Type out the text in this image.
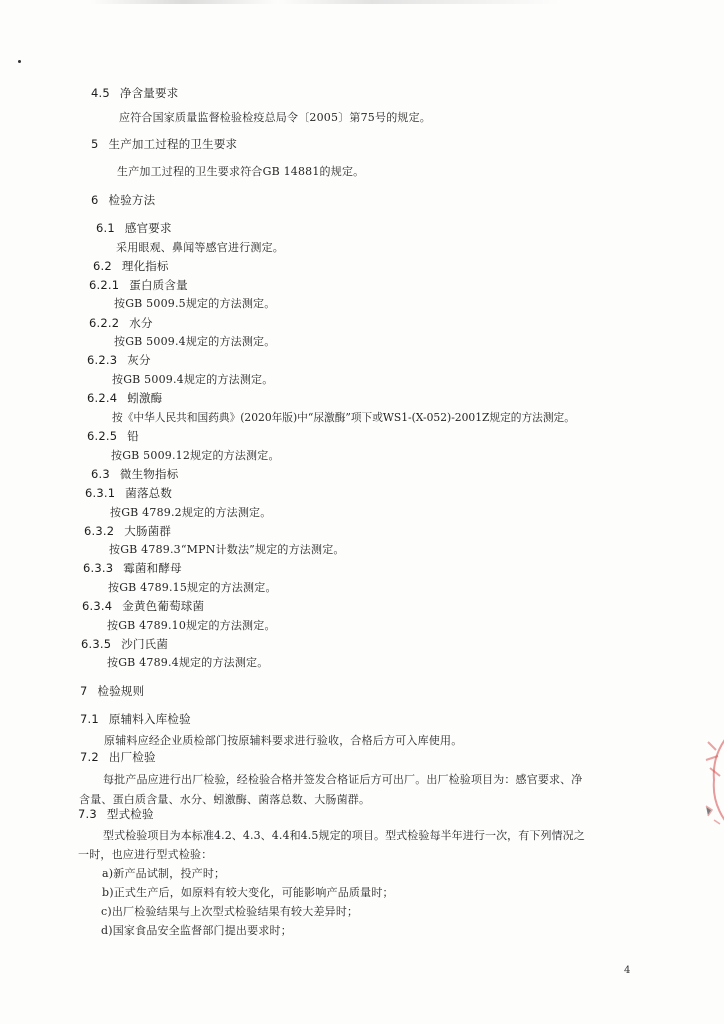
4.5 净含量要求
应符合国家质量监督检验检疫总局令〔2005〕第75号的规定。
5 生产加工过程的卫生要求
生产加工过程的卫生要求符合GB 14881的规定。
6 检验方法
6.1 感官要求
采用眼观、鼻闻等感官进行测定。
6.2 理化指标
6.2.1 蛋白质含量
按GB 5009.5规定的方法测定。
6.2.2 水分
按GB 5009.4规定的方法测定。
6.2.3 灰分
按GB 5009.4规定的方法测定。
6.2.4 蚓激酶
按《中华人民共和国药典》(2020年版)中“尿激酶”项下或WS1-(X-052)-2001Z规定的方法测定。
6.2.5 铅
按GB 5009.12规定的方法测定。
6.3 微生物指标
6.3.1 菌落总数
按GB 4789.2规定的方法测定。
6.3.2 大肠菌群
按GB 4789.3“MPN计数法”规定的方法测定。
6.3.3 霉菌和酵母
按GB 4789.15规定的方法测定。
6.3.4 金黄色葡萄球菌
按GB 4789.10规定的方法测定。
6.3.5 沙门氏菌
按GB 4789.4规定的方法测定。
7 检验规则
7.1 原辅料入库检验
原辅料应经企业质检部门按原辅料要求进行验收，合格后方可入库使用。
7.2 出厂检验
每批产品应进行出厂检验，经检验合格并签发合格证后方可出厂。出厂检验项目为：感官要求、净
含量、蛋白质含量、水分、蚓激酶、菌落总数、大肠菌群。
7.3 型式检验
型式检验项目为本标准4.2、4.3、4.4和4.5规定的项目。型式检验每半年进行一次，有下列情况之
一时，也应进行型式检验：
a)新产品试制，投产时；
b)正式生产后，如原料有较大变化，可能影响产品质量时；
c)出厂检验结果与上次型式检验结果有较大差异时；
d)国家食品安全监督部门提出要求时；
4
